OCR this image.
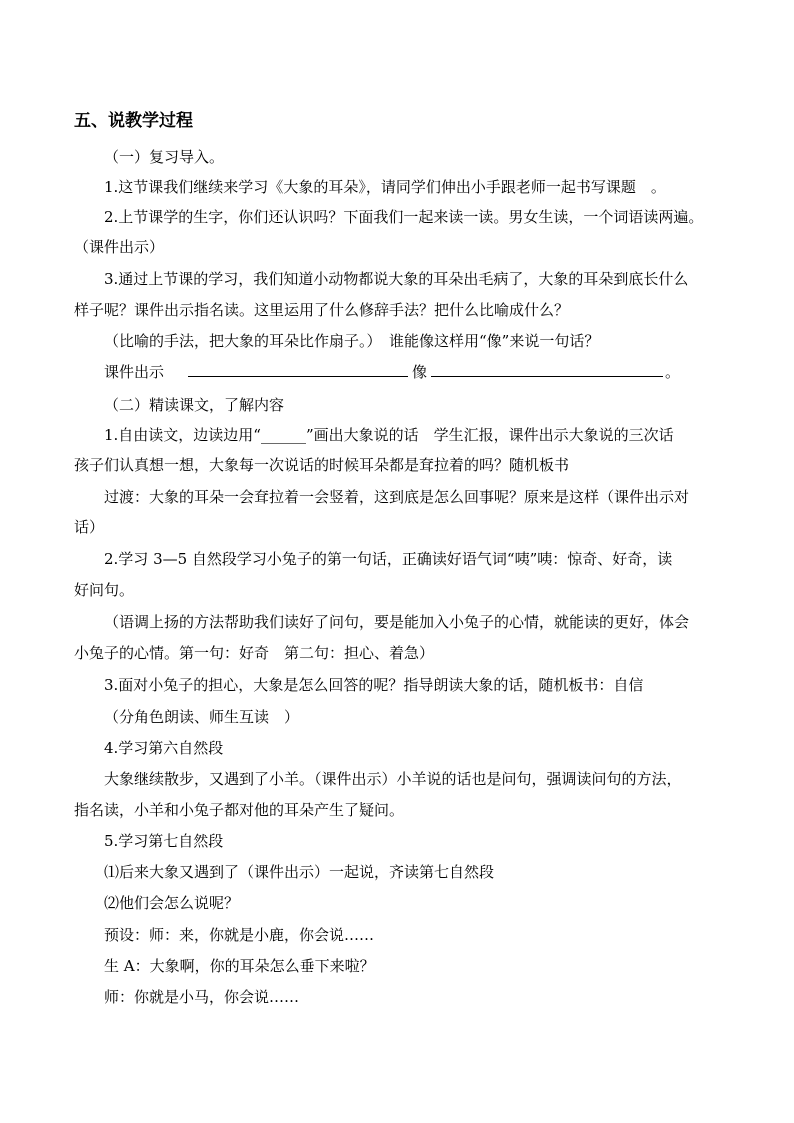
五、说教学过程
（一）复习导入。
1.这节课我们继续来学习《大象的耳朵》，请同学们伸出小手跟老师一起书写课题　。
2.上节课学的生字，你们还认识吗？下面我们一起来读一读。男女生读，一个词语读两遍。
（课件出示）
3.通过上节课的学习，我们知道小动物都说大象的耳朵出毛病了，大象的耳朵到底长什么
样子呢？课件出示指名读。这里运用了什么修辞手法？把什么比喻成什么？
（比喻的手法，把大象的耳朵比作扇子。）　谁能像这样用“像”来说一句话？
课件出示	像	。
（二）精读课文，了解内容
1.自由读文，边读边用“______”画出大象说的话　学生汇报，课件出示大象说的三次话
孩子们认真想一想，大象每一次说话的时候耳朵都是耷拉着的吗？随机板书
过渡：大象的耳朵一会耷拉着一会竖着，这到底是怎么回事呢？原来是这样（课件出示对
话）
2.学习 3—5 自然段学习小兔子的第一句话，正确读好语气词“咦”咦：惊奇、好奇，读
好问句。
（语调上扬的方法帮助我们读好了问句，要是能加入小兔子的心情，就能读的更好，体会
小兔子的心情。第一句：好奇　第二句：担心、着急）
3.面对小兔子的担心，大象是怎么回答的呢？指导朗读大象的话，随机板书：自信
（分角色朗读、师生互读　）
4.学习第六自然段
大象继续散步，又遇到了小羊。（课件出示）小羊说的话也是问句，强调读问句的方法，
指名读，小羊和小兔子都对他的耳朵产生了疑问。
5.学习第七自然段
⑴后来大象又遇到了（课件出示）一起说，齐读第七自然段
⑵他们会怎么说呢？
预设：师：来，你就是小鹿，你会说……
生 A：大象啊，你的耳朵怎么垂下来啦？
师：你就是小马，你会说……
